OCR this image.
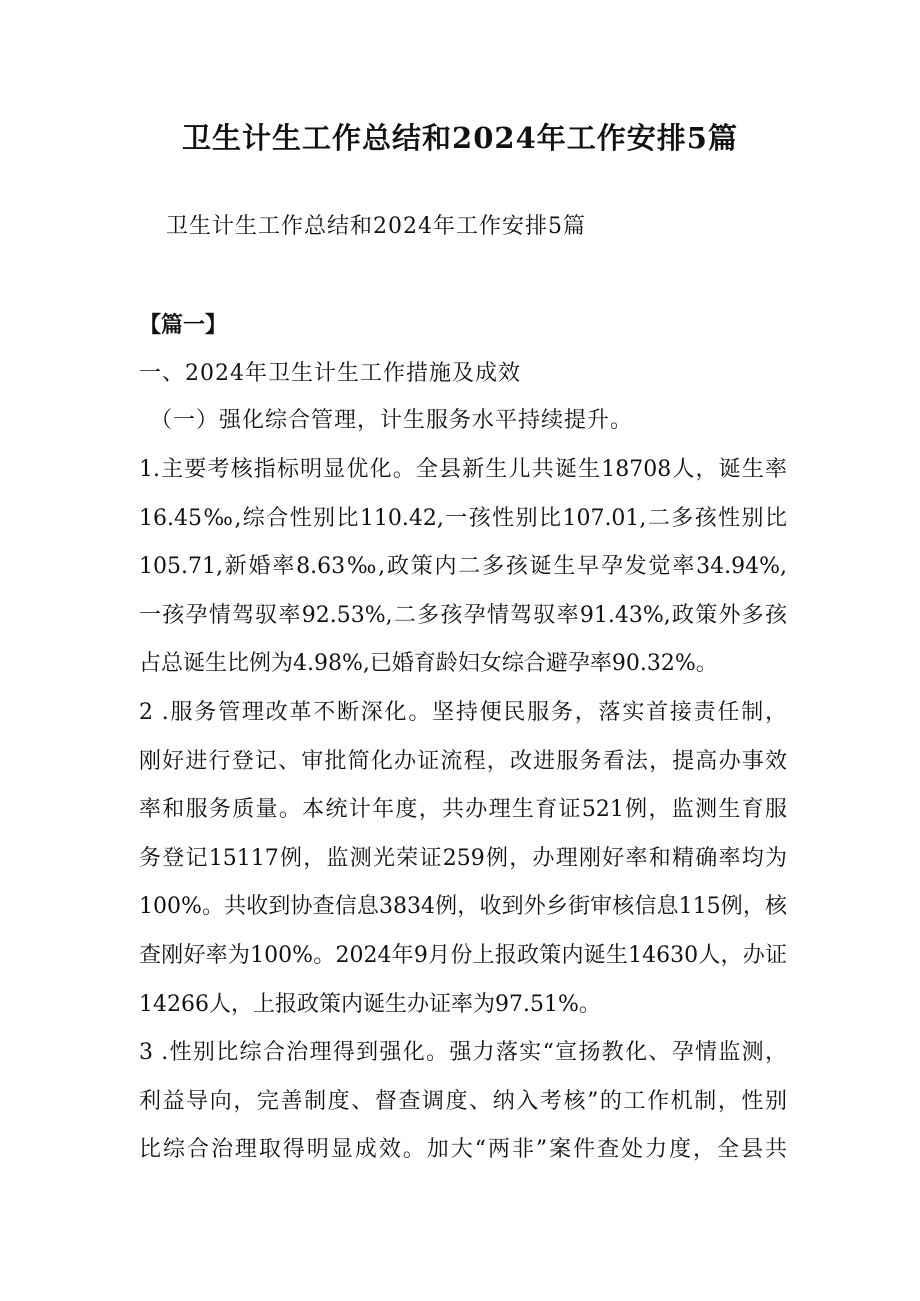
卫生计生工作总结和2024年工作安排5篇
卫生计生工作总结和2024年工作安排5篇
【篇一】
一、2024年卫生计生工作措施及成效
（一）强化综合管理，计生服务水平持续提升。
1.主要考核指标明显优化。全县新生儿共诞生18708人，诞生率
16.45‰,综合性别比110.42,一孩性别比107.01,二多孩性别比
105.71,新婚率8.63‰,政策内二多孩诞生早孕发觉率34.94%,
一孩孕情驾驭率92.53%,二多孩孕情驾驭率91.43%,政策外多孩
占总诞生比例为4.98%,已婚育龄妇女综合避孕率90.32%。
2 .服务管理改革不断深化。坚持便民服务，落实首接责任制，
刚好进行登记、审批简化办证流程，改进服务看法，提高办事效
率和服务质量。本统计年度，共办理生育证521例，监测生育服
务登记15117例，监测光荣证259例，办理刚好率和精确率均为
100%。共收到协查信息3834例，收到外乡街审核信息115例，核
查刚好率为100%。2024年9月份上报政策内诞生14630人，办证
14266人，上报政策内诞生办证率为97.51%。
3 .性别比综合治理得到强化。强力落实“宣扬教化、孕情监测，
利益导向，完善制度、督查调度、纳入考核”的工作机制，性别
比综合治理取得明显成效。加大“两非”案件查处力度，全县共
